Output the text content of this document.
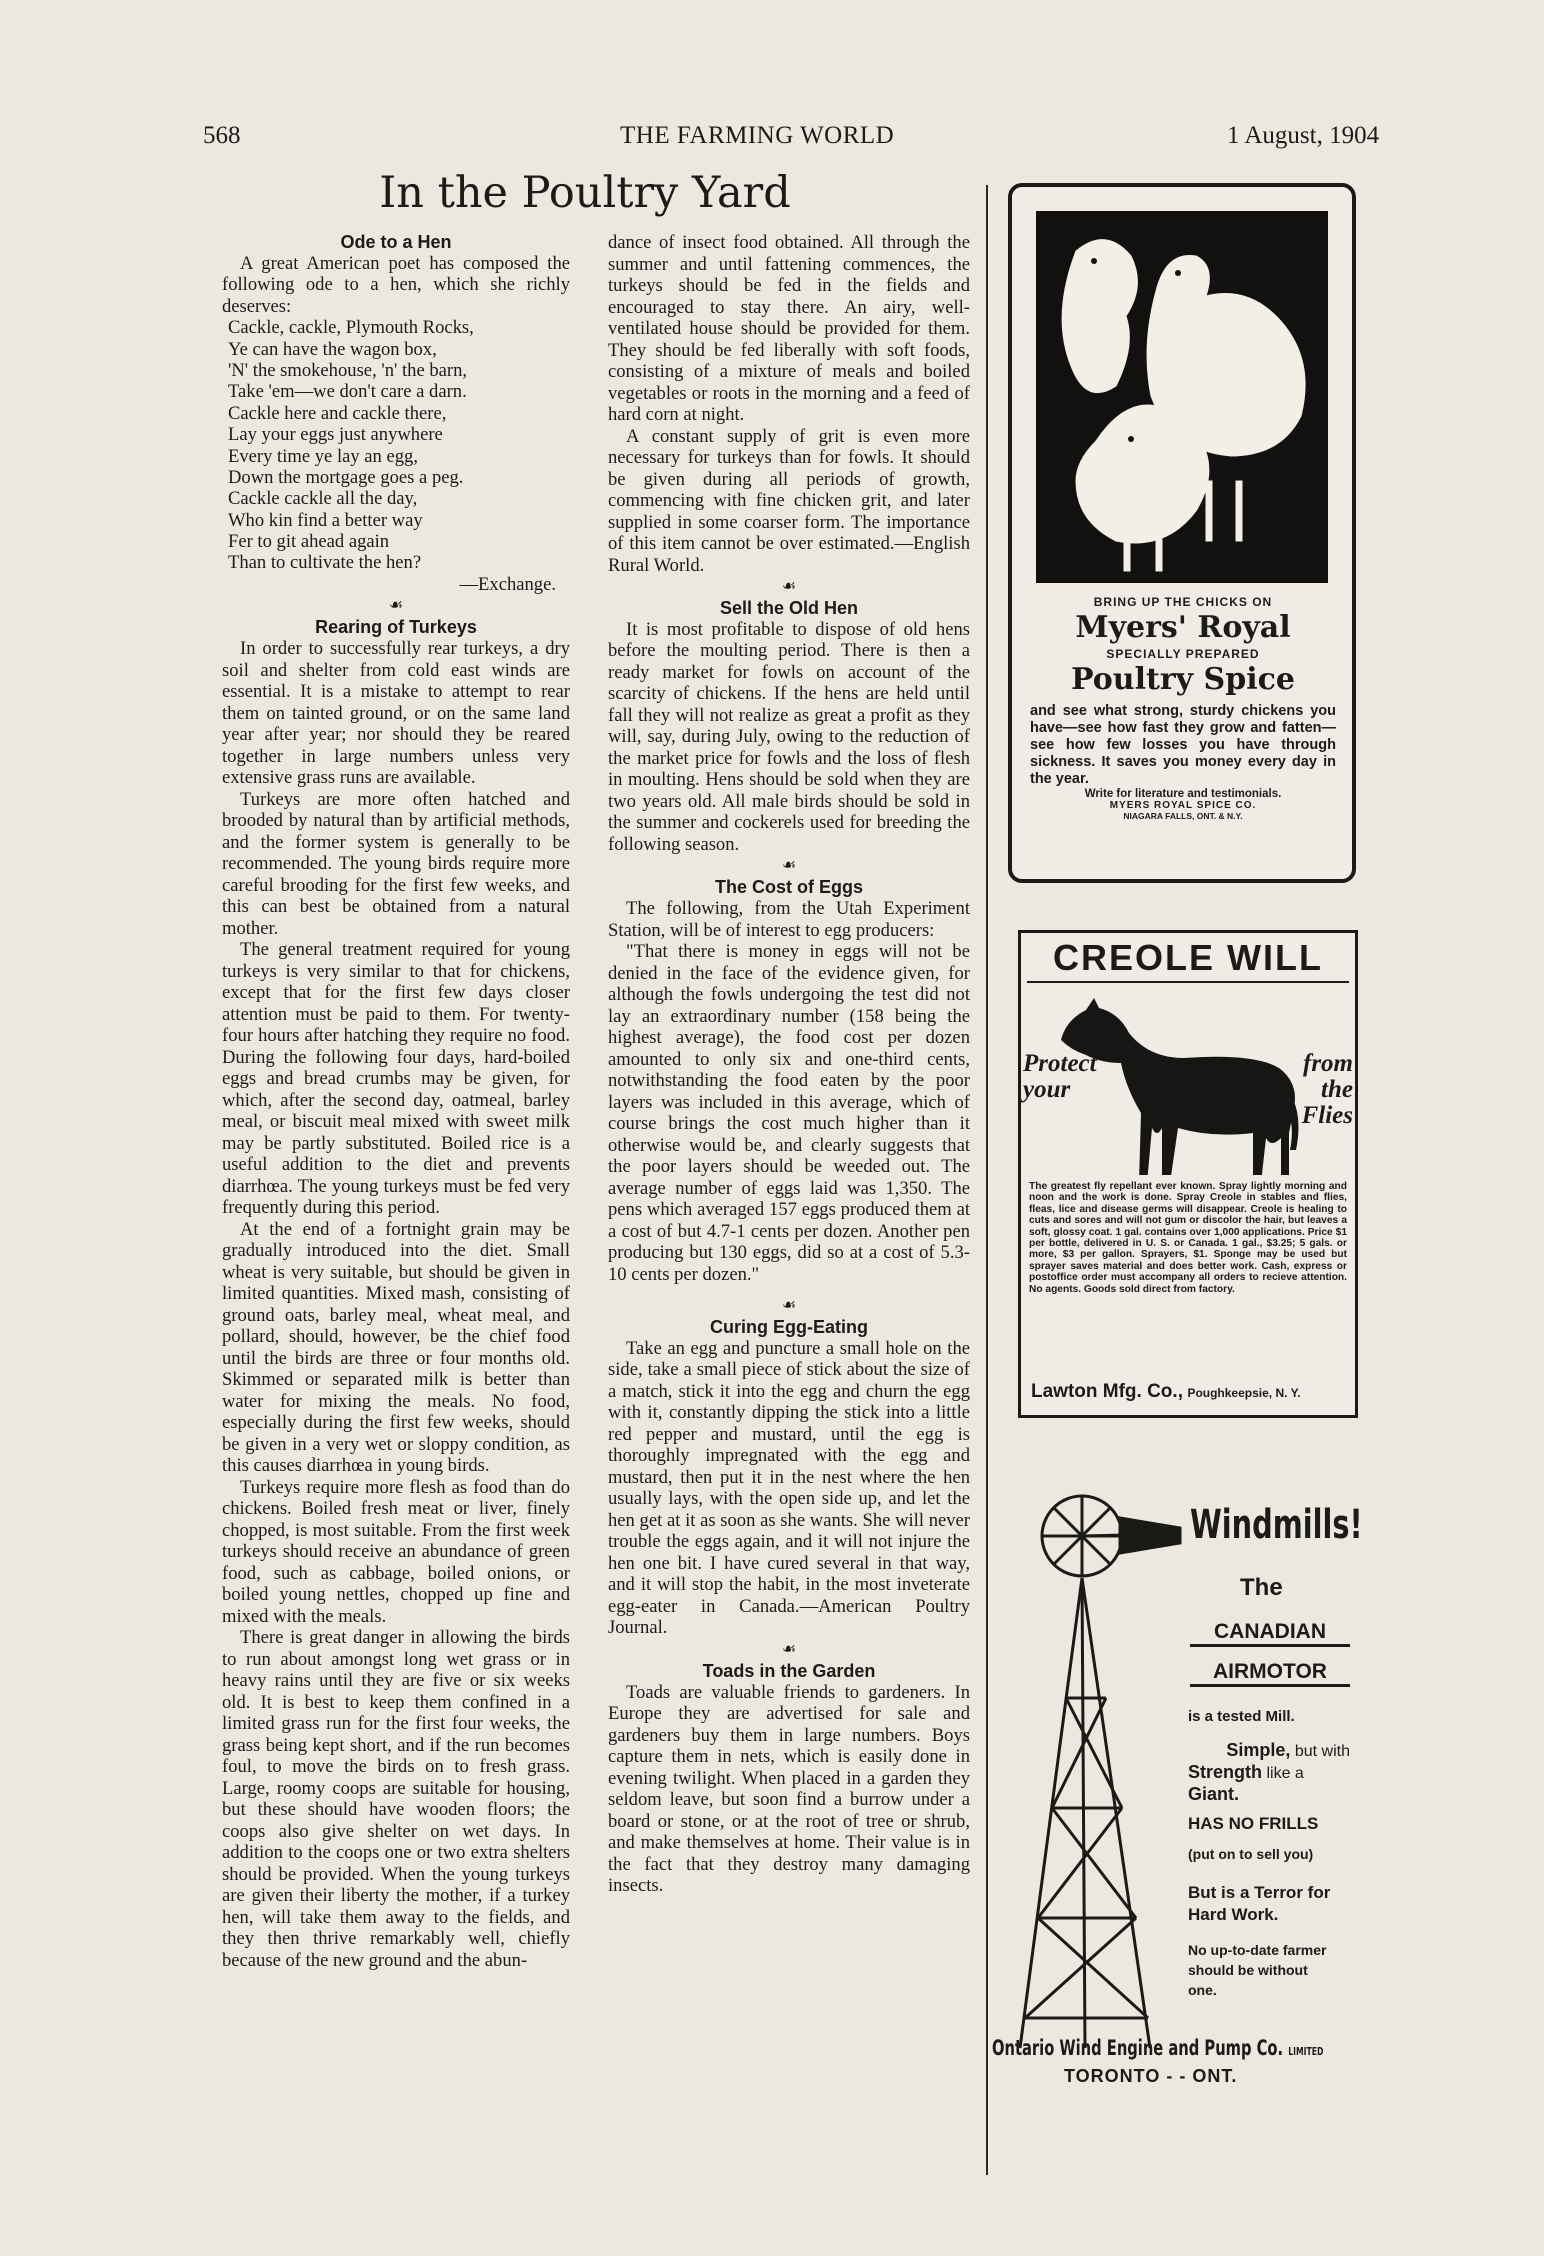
568	THE FARMING WORLD	1 August, 1904
In the Poultry Yard
Ode to a Hen

A great American poet has composed the following ode to a hen, which she richly deserves:

Cackle, cackle, Plymouth Rocks,
Ye can have the wagon box,
'N' the smokehouse, 'n' the barn,
Take 'em—we don't care a darn.
Cackle here and cackle there,
Lay your eggs just anywhere
Every time ye lay an egg,
Down the mortgage goes a peg.
Cackle cackle all the day,
Who kin find a better way
Fer to git ahead again
Than to cultivate the hen?
—Exchange.
☙
Rearing of Turkeys

In order to successfully rear turkeys, a dry soil and shelter from cold east winds are essential. It is a mistake to attempt to rear them on tainted ground, or on the same land year after year; nor should they be reared together in large numbers unless very extensive grass runs are available.

Turkeys are more often hatched and brooded by natural than by artificial methods, and the former system is generally to be recommended. The young birds require more careful brooding for the first few weeks, and this can best be obtained from a natural mother.

The general treatment required for young turkeys is very similar to that for chickens, except that for the first few days closer attention must be paid to them. For twenty-four hours after hatching they require no food. During the following four days, hard-boiled eggs and bread crumbs may be given, for which, after the second day, oatmeal, barley meal, or biscuit meal mixed with sweet milk may be partly substituted. Boiled rice is a useful addition to the diet and prevents diarrhœa. The young turkeys must be fed very frequently during this period.

At the end of a fortnight grain may be gradually introduced into the diet. Small wheat is very suitable, but should be given in limited quantities. Mixed mash, consisting of ground oats, barley meal, wheat meal, and pollard, should, however, be the chief food until the birds are three or four months old. Skimmed or separated milk is better than water for mixing the meals. No food, especially during the first few weeks, should be given in a very wet or sloppy condition, as this causes diarrhœa in young birds.

Turkeys require more flesh as food than do chickens. Boiled fresh meat or liver, finely chopped, is most suitable. From the first week turkeys should receive an abundance of green food, such as cabbage, boiled onions, or boiled young nettles, chopped up fine and mixed with the meals.

There is great danger in allowing the birds to run about amongst long wet grass or in heavy rains until they are five or six weeks old. It is best to keep them confined in a limited grass run for the first four weeks, the grass being kept short, and if the run becomes foul, to move the birds on to fresh grass. Large, roomy coops are suitable for housing, but these should have wooden floors; the coops also give shelter on wet days. In addition to the coops one or two extra shelters should be provided. When the young turkeys are given their liberty the mother, if a turkey hen, will take them away to the fields, and they then thrive remarkably well, chiefly because of the new ground and the abun-

dance of insect food obtained. All through the summer and until fattening commences, the turkeys should be fed in the fields and encouraged to stay there. An airy, well-ventilated house should be provided for them. They should be fed liberally with soft foods, consisting of a mixture of meals and boiled vegetables or roots in the morning and a feed of hard corn at night.

A constant supply of grit is even more necessary for turkeys than for fowls. It should be given during all periods of growth, commencing with fine chicken grit, and later supplied in some coarser form. The importance of this item cannot be over estimated.—English Rural World.

☙
Sell the Old Hen

It is most profitable to dispose of old hens before the moulting period. There is then a ready market for fowls on account of the scarcity of chickens. If the hens are held until fall they will not realize as great a profit as they will, say, during July, owing to the reduction of the market price for fowls and the loss of flesh in moulting. Hens should be sold when they are two years old. All male birds should be sold in the summer and cockerels used for breeding the following season.

☙
The Cost of Eggs

The following, from the Utah Experiment Station, will be of interest to egg producers:

"That there is money in eggs will not be denied in the face of the evidence given, for although the fowls undergoing the test did not lay an extraordinary number (158 being the highest average), the food cost per dozen amounted to only six and one-third cents, notwithstanding the food eaten by the poor layers was included in this average, which of course brings the cost much higher than it otherwise would be, and clearly suggests that the poor layers should be weeded out. The average number of eggs laid was 1,350. The pens which averaged 157 eggs produced them at a cost of but 4.7-1 cents per dozen. Another pen producing but 130 eggs, did so at a cost of 5.3-10 cents per dozen."

☙
Curing Egg-Eating

Take an egg and puncture a small hole on the side, take a small piece of stick about the size of a match, stick it into the egg and churn the egg with it, constantly dipping the stick into a little red pepper and mustard, until the egg is thoroughly impregnated with the egg and mustard, then put it in the nest where the hen usually lays, with the open side up, and let the hen get at it as soon as she wants. She will never trouble the eggs again, and it will not injure the hen one bit. I have cured several in that way, and it will stop the habit, in the most inveterate egg-eater in Canada.—American Poultry Journal.

☙
Toads in the Garden

Toads are valuable friends to gardeners. In Europe they are advertised for sale and gardeners buy them in large numbers. Boys capture them in nets, which is easily done in evening twilight. When placed in a garden they seldom leave, but soon find a burrow under a board or stone, or at the root of tree or shrub, and make themselves at home. Their value is in the fact that they destroy many damaging insects.

BRING UP THE CHICKS ON
Myers' Royal
SPECIALLY PREPARED
Poultry Spice
and see what strong, sturdy chickens you have—see how fast they grow and fatten—see how few losses you have through sickness. It saves you money every day in the year.
Write for literature and testimonials.
MYERS ROYAL SPICE CO.
NIAGARA FALLS, ONT. & N.Y.
CREOLE WILL
Protect your
from the Flies
The greatest fly repellant ever known. Spray lightly morning and noon and the work is done. Spray Creole in stables and flies, fleas, lice and disease germs will disappear. Creole is healing to cuts and sores and will not gum or discolor the hair, but leaves a soft, glossy coat. 1 gal. contains over 1,000 applications. Price $1 per bottle, delivered in U. S. or Canada. 1 gal., $3.25; 5 gals. or more, $3 per gallon. Sprayers, $1. Sponge may be used but sprayer saves material and does better work. Cash, express or postoffice order must accompany all orders to recieve attention. No agents. Goods sold direct from factory.
Lawton Mfg. Co., Poughkeepsie, N. Y.
Windmills!
The
CANADIAN
AIRMOTOR
is a tested Mill.
Simple, but with
Strength like a
Giant.
HAS NO FRILLS
(put on to sell you)
But is a Terror for Hard Work.
No up-to-date farmer should be without one.
Ontario Wind Engine and Pump Co. LIMITED
TORONTO - - ONT.
